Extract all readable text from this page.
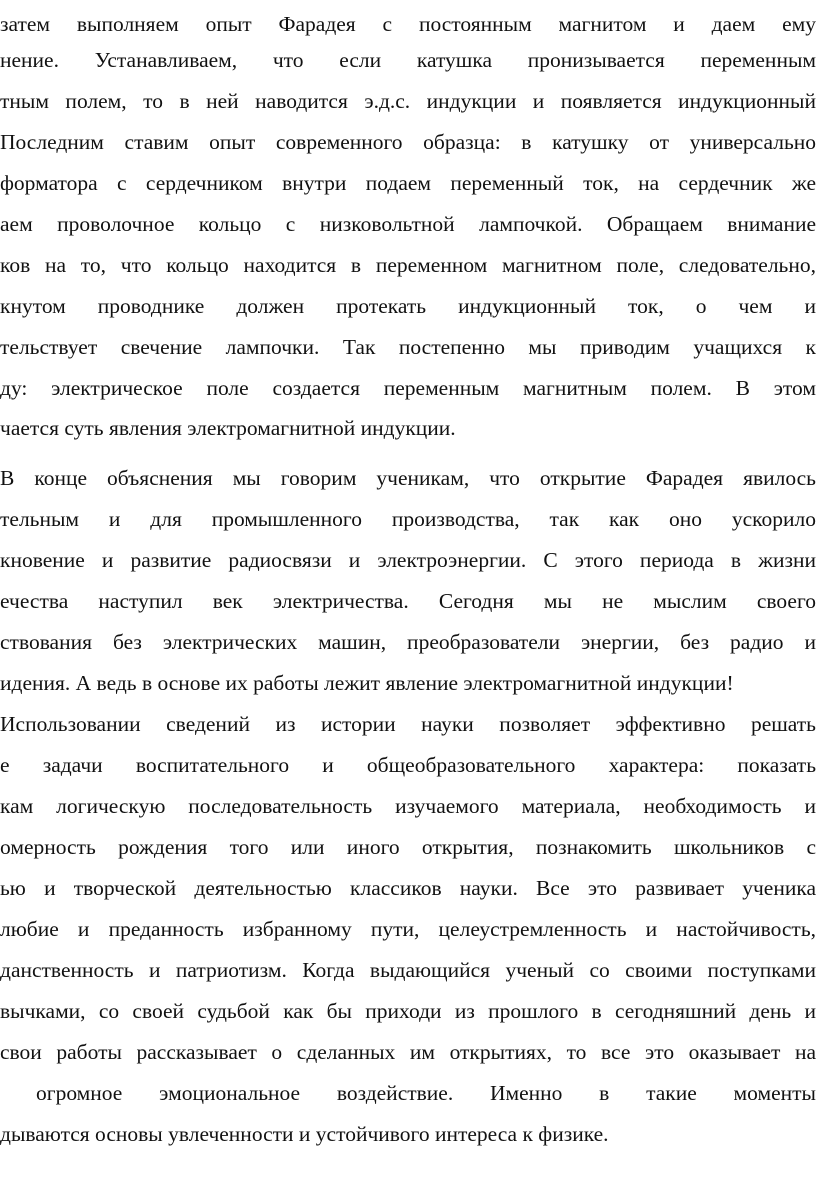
затем выполняем опыт Фарадея с постоянным магнитом и даем ему
нение. Устанавливаем, что если катушка пронизывается переменным
тным полем, то в ней наводится э.д.с. индукции и появляется индукционный
Последним ставим опыт современного образца: в катушку от универсально
форматора с сердечником внутри подаем переменный ток, на сердечник же
аем проволочное кольцо с низковольтной лампочкой. Обращаем внимание
ков на то, что кольцо находится в переменном магнитном поле, следовательно,
кнутом проводнике должен протекать индукционный ток, о чем и
тельствует свечение лампочки. Так постепенно мы приводим учащихся к
ду: электрическое поле создается переменным магнитным полем. В этом
чается суть явления электромагнитной индукции.
В конце объяснения мы говорим ученикам, что открытие Фарадея явилось
тельным и для промышленного производства, так как оно ускорило
кновение и развитие радиосвязи и электроэнергии. С этого периода в жизни
ечества наступил век электричества. Сегодня мы не мыслим своего
ствования без электрических машин, преобразователи энергии, без радио и
идения. А ведь в основе их работы лежит явление электромагнитной индукции!
Использовании сведений из истории науки позволяет эффективно решать
е задачи воспитательного и общеобразовательного характера: показать
кам логическую последовательность изучаемого материала, необходимость и
омерность рождения того или иного открытия, познакомить школьников с
ью и творческой деятельностью классиков науки. Все это развивает ученика
любие и преданность избранному пути, целеустремленность и настойчивость,
данственность и патриотизм. Когда выдающийся ученый со своими поступками
вычками, со своей судьбой как бы приходи из прошлого в сегодняшний день и
свои работы рассказывает о сделанных им открытиях, то все это оказывает на
огромное эмоциональное воздействие. Именно в такие моменты
дываются основы увлеченности и устойчивого интереса к физике.
